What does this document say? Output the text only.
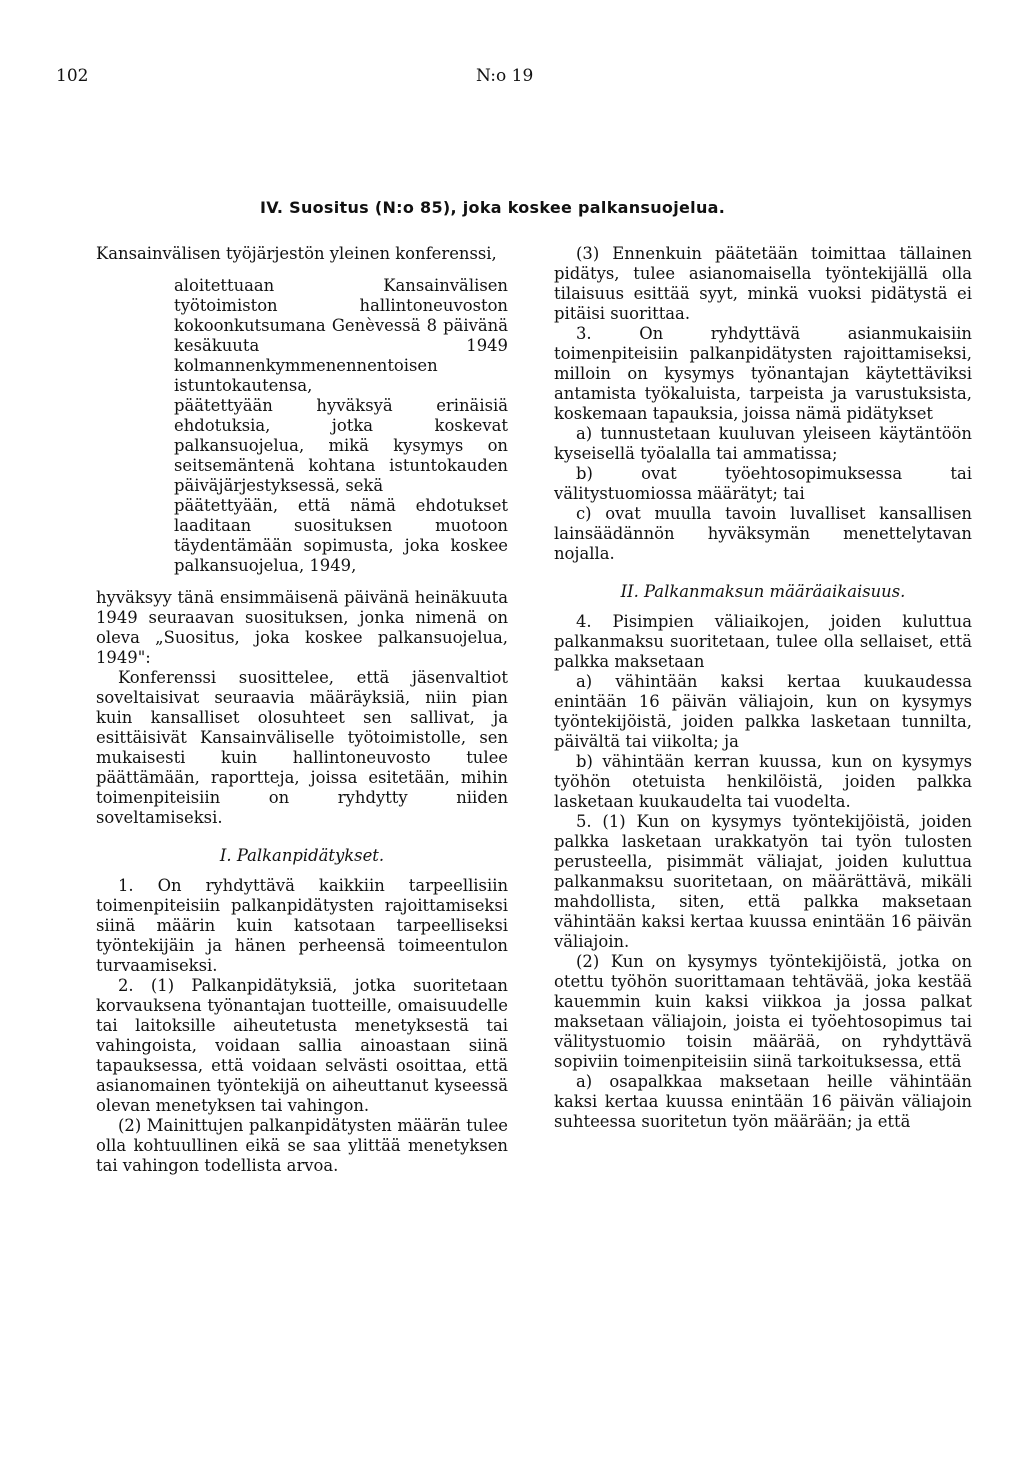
102	N:o 19
IV. Suositus (N:o 85), joka koskee palkansuojelua.

Kansainvälisen työjärjestön yleinen konferenssi,

aloitettuaan Kansainvälisen työtoimiston hallintoneuvoston kokoonkutsumana Genèvessä 8 päivänä kesäkuuta 1949 kolmannenkymmenennentoisen istuntokautensa,

päätettyään hyväksyä erinäisiä ehdotuksia, jotka koskevat palkansuojelua, mikä kysymys on seitsemäntenä kohtana istuntokauden päiväjärjestyksessä, sekä

päätettyään, että nämä ehdotukset laaditaan suosituksen muotoon täydentämään sopimusta, joka koskee palkansuojelua, 1949,

hyväksyy tänä ensimmäisenä päivänä heinäkuuta 1949 seuraavan suosituksen, jonka nimenä on oleva „Suositus, joka koskee palkansuojelua, 1949":

Konferenssi suosittelee, että jäsenvaltiot soveltaisivat seuraavia määräyksiä, niin pian kuin kansalliset olosuhteet sen sallivat, ja esittäisivät Kansainväliselle työtoimistolle, sen mukaisesti kuin hallintoneuvosto tulee päättämään, raportteja, joissa esitetään, mihin toimenpiteisiin on ryhdytty niiden soveltamiseksi.

I. Palkanpidätykset.

1. On ryhdyttävä kaikkiin tarpeellisiin toimenpiteisiin palkanpidätysten rajoittamiseksi siinä määrin kuin katsotaan tarpeelliseksi työntekijäin ja hänen perheensä toimeentulon turvaamiseksi.

2. (1) Palkanpidätyksiä, jotka suoritetaan korvauksena työnantajan tuotteille, omaisuudelle tai laitoksille aiheutetusta menetyksestä tai vahingoista, voidaan sallia ainoastaan siinä tapauksessa, että voidaan selvästi osoittaa, että asianomainen työntekijä on aiheuttanut kyseessä olevan menetyksen tai vahingon.

(2) Mainittujen palkanpidätysten määrän tulee olla kohtuullinen eikä se saa ylittää menetyksen tai vahingon todellista arvoa.

(3) Ennenkuin päätetään toimittaa tällainen pidätys, tulee asianomaisella työntekijällä olla tilaisuus esittää syyt, minkä vuoksi pidätystä ei pitäisi suorittaa.

3. On ryhdyttävä asianmukaisiin toimenpiteisiin palkanpidätysten rajoittamiseksi, milloin on kysymys työnantajan käytettäviksi antamista työkaluista, tarpeista ja varustuksista, koskemaan tapauksia, joissa nämä pidätykset

a) tunnustetaan kuuluvan yleiseen käytäntöön kyseisellä työalalla tai ammatissa;

b) ovat työehtosopimuksessa tai välitystuomiossa määrätyt; tai

c) ovat muulla tavoin luvalliset kansallisen lainsäädännön hyväksymän menettelytavan nojalla.

II. Palkanmaksun määräaikaisuus.

4. Pisimpien väliaikojen, joiden kuluttua palkanmaksu suoritetaan, tulee olla sellaiset, että palkka maksetaan

a) vähintään kaksi kertaa kuukaudessa enintään 16 päivän väliajoin, kun on kysymys työntekijöistä, joiden palkka lasketaan tunnilta, päivältä tai viikolta; ja

b) vähintään kerran kuussa, kun on kysymys työhön otetuista henkilöistä, joiden palkka lasketaan kuukaudelta tai vuodelta.

5. (1) Kun on kysymys työntekijöistä, joiden palkka lasketaan urakkatyön tai työn tulosten perusteella, pisimmät väliajat, joiden kuluttua palkanmaksu suoritetaan, on määrättävä, mikäli mahdollista, siten, että palkka maksetaan vähintään kaksi kertaa kuussa enintään 16 päivän väliajoin.

(2) Kun on kysymys työntekijöistä, jotka on otettu työhön suorittamaan tehtävää, joka kestää kauemmin kuin kaksi viikkoa ja jossa palkat maksetaan väliajoin, joista ei työehtosopimus tai välitystuomio toisin määrää, on ryhdyttävä sopiviin toimenpiteisiin siinä tarkoituksessa, että

a) osapalkkaa maksetaan heille vähintään kaksi kertaa kuussa enintään 16 päivän väliajoin suhteessa suoritetun työn määrään; ja että
